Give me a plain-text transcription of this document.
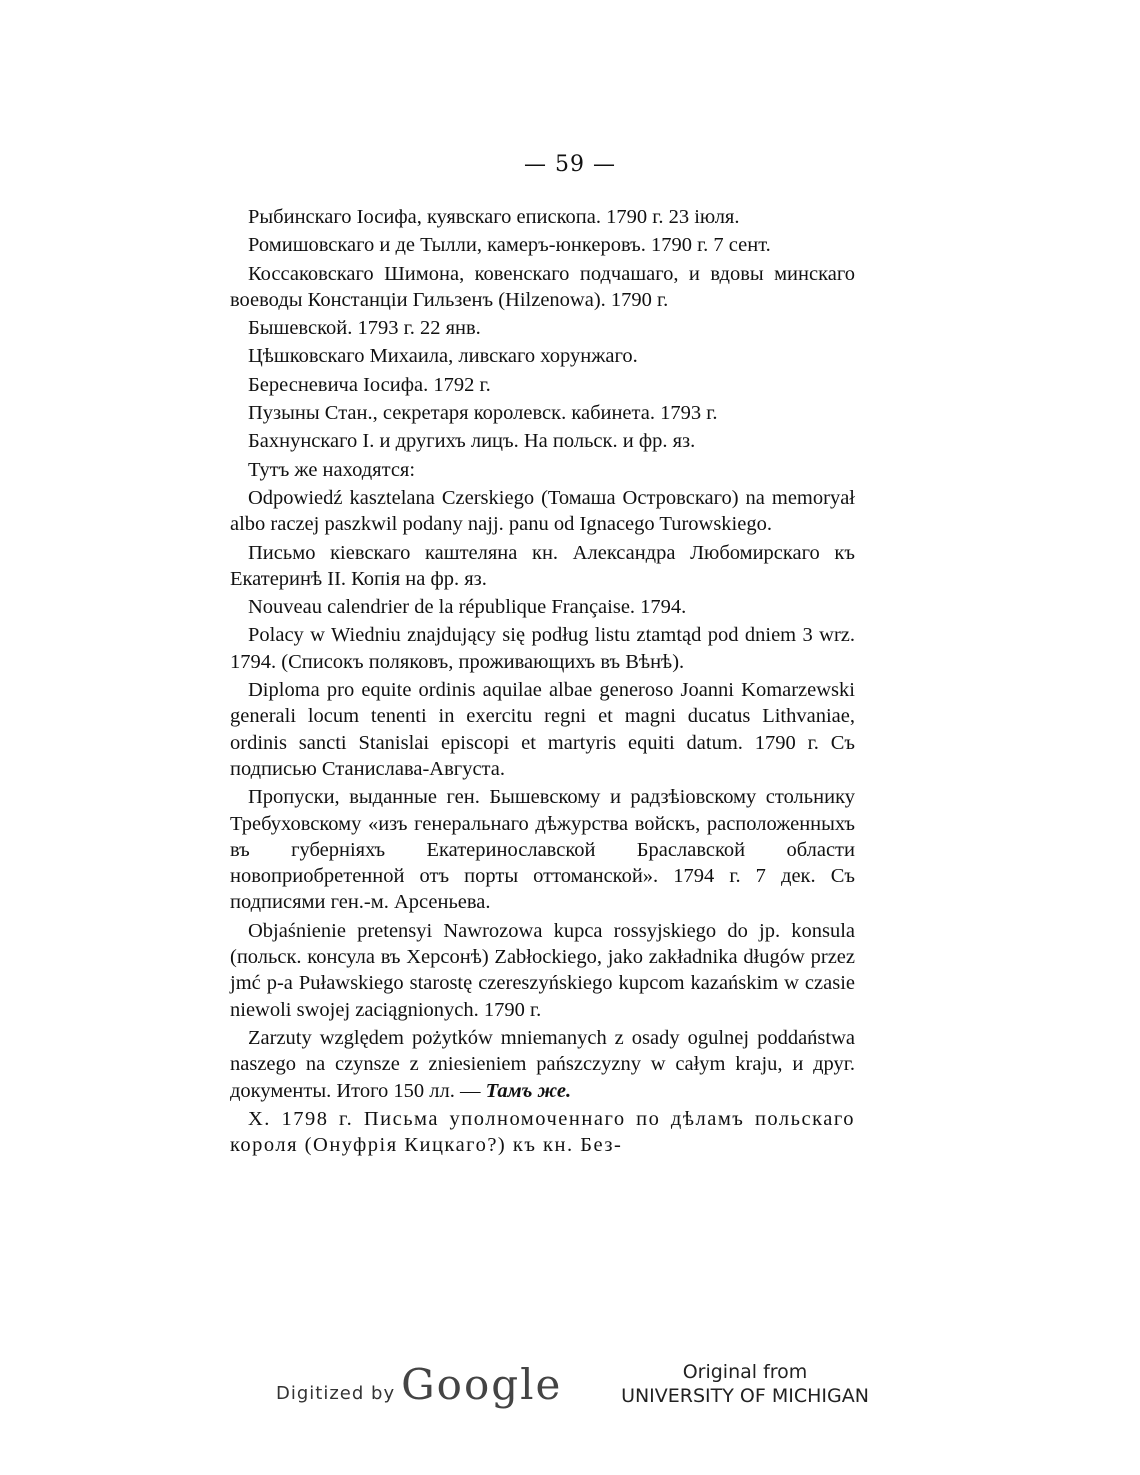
— 59 —

Рыбинскаго Іосифа, куявскаго епископа. 1790 г. 23 іюля.

Ромишовскаго и де Тылли, камеръ-юнкеровъ. 1790 г. 7 сент.

Коссаковскаго Шимона, ковенскаго подчашаго, и вдовы минскаго воеводы Констанціи Гильзенъ (Hilzenowa). 1790 г.

Бышевской. 1793 г. 22 янв.

Цѣшковскаго Михаила, ливскаго хорунжаго.

Бересневича Іосифа. 1792 г.

Пузыны Стан., секретаря королевск. кабинета. 1793 г.

Бахнунскаго І. и другихъ лицъ. На польск. и фр. яз.

Тутъ же находятся:

Odpowiedź kasztelana Czerskiego (Томаша Островскаго) na memoryał albo raczej paszkwil podany najj. panu od Ignacego Turowskiego.

Письмо кіевскаго каштеляна кн. Александра Любомирскаго къ Екатеринѣ II. Копія на фр. яз.

Nouveau calendrier de la république Française. 1794.

Polacy w Wiedniu znajdujący się podług listu ztamtąd pod dniem 3 wrz. 1794. (Списокъ поляковъ, проживающихъ въ Вѣнѣ).

Diploma pro equite ordinis aquilae albae generoso Joanni Komarzewski generali locum tenenti in exercitu regni et magni ducatus Lithvaniae, ordinis sancti Stanislai episcopi et martyris equiti datum. 1790 г. Съ подписью Станислава-Августа.

Пропуски, выданные ген. Бышевскому и радзѣіовскому стольнику Требуховскому «изъ генеральнаго дѣжурства войскъ, расположенныхъ въ губерніяхъ Екатеринославской Браславской области новоприобретенной отъ порты оттоманской». 1794 г. 7 дек. Съ подписями ген.-м. Арсеньева.

Objaśnienie pretensyi Nawrozowa kupca rossyjskiego do jp. konsula (польск. консула въ Херсонѣ) Zabłockiego, jako zakładnika długów przez jmć p-a Puławskiego starostę czereszyńskiego kupcom kazańskim w czasie niewoli swojej zaciągnionych. 1790 г.

Zarzuty względem pożytków mniemanych z osady ogulnej poddaństwa naszego na czynsze z zniesieniem pańszczyzny w całym kraju, и друг. документы. Итого 150 лл. — Тамъ же.

X. 1798 г. Письма уполномоченнаго по дѣламъ польскаго короля (Онуфрія Кицкаго?) къ кн. Без-

Digitized by Google	Original from
UNIVERSITY OF MICHIGAN
